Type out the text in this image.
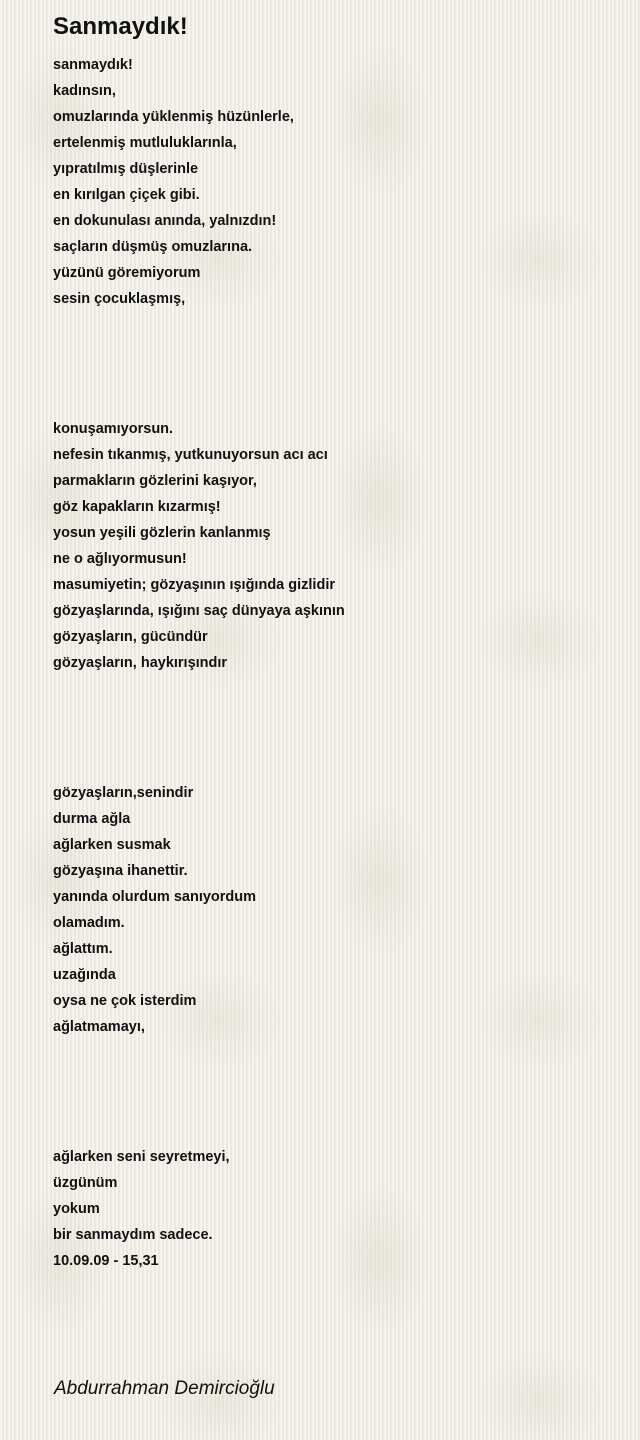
Sanmaydık!
sanmaydık!
kadınsın,
omuzlarında yüklenmiş hüzünlerle,
ertelenmiş mutluluklarınla,
yıpratılmış düşlerinle
en kırılgan çiçek gibi.
en dokunulası anında, yalnızdın!
saçların düşmüş omuzlarına.
yüzünü göremiyorum
sesin çocuklaşmış,
konuşamıyorsun.
nefesin tıkanmış, yutkunuyorsun acı acı
parmakların gözlerini kaşıyor,
göz kapakların kızarmış!
yosun yeşili gözlerin kanlanmış
ne o ağlıyormusun!
masumiyetin; gözyaşının ışığında gizlidir
gözyaşlarında, ışığını saç dünyaya aşkının
gözyaşların, gücündür
gözyaşların, haykırışındır
gözyaşların,senindir
durma ağla
ağlarken susmak
gözyaşına ihanettir.
yanında olurdum sanıyordum
olamadım.
ağlattım.
uzağında
oysa ne çok isterdim
ağlatmamayı,
ağlarken seni seyretmeyi,
üzgünüm
yokum
bir sanmaydım sadece.
10.09.09 - 15,31
Abdurrahman Demircioğlu
